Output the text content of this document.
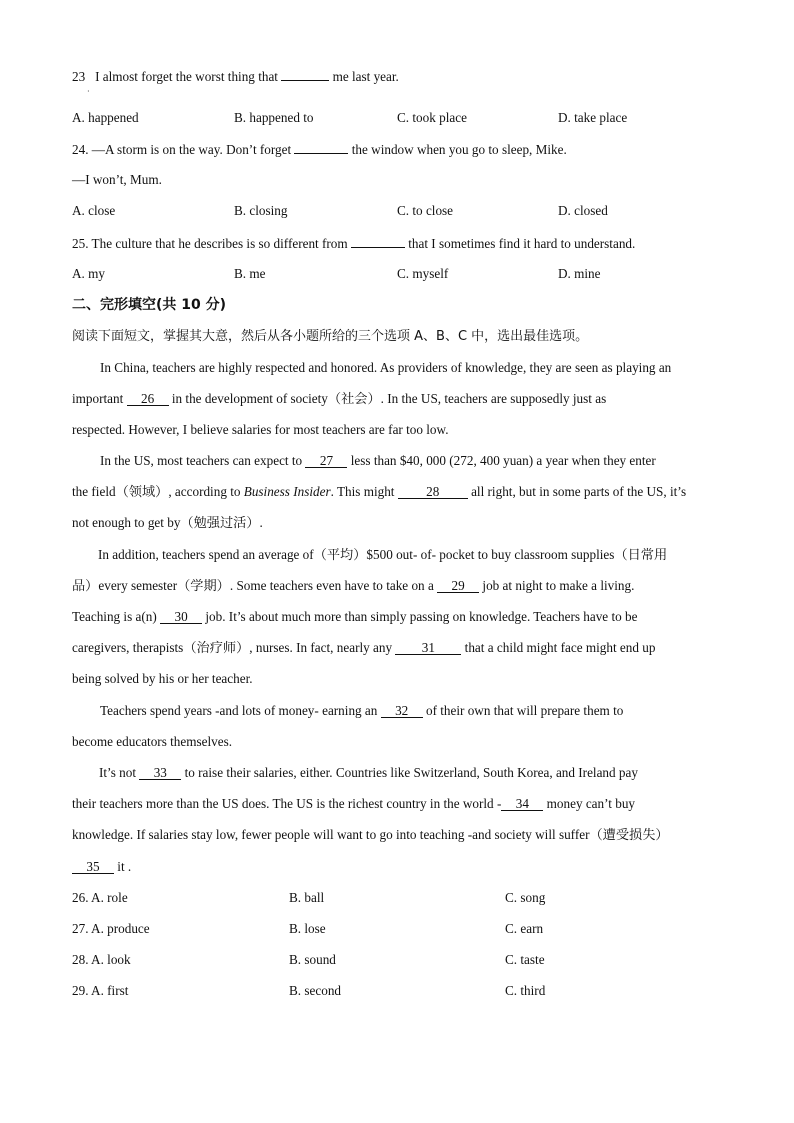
23 I almost forget the worst thing that	me last year.
·
A. happened	B. happened to	C. took place	D. take place
24. —A storm is on the way. Don’t forget	the window when you go to sleep, Mike.
—I won’t, Mum.
A. close	B. closing	C. to close	D. closed
25. The culture that he describes is so different from	that I sometimes find it hard to understand.
A. my	B. me	C. myself	D. mine
二、完形填空(共 10 分)
阅读下面短文，掌握其大意，然后从各小题所给的三个选项 A、B、C 中，选出最佳选项。
In China, teachers are highly respected and honored. As providers of knowledge, they are seen as playing an
important 26 in the development of society（社会）. In the US, teachers are supposedly just as
respected. However, I believe salaries for most teachers are far too low.
In the US, most teachers can expect to 27 less than $40, 000 (272, 400 yuan) a year when they enter
the field（领域）, according to Business Insider. This might 28 all right, but in some parts of the US, it’s
not enough to get by（勉强过活）.
In addition, teachers spend an average of（平均）$500 out- of- pocket to buy classroom supplies（日常用
品）every semester（学期）. Some teachers even have to take on a 29 job at night to make a living.
Teaching is a(n) 30 job. It’s about much more than simply passing on knowledge. Teachers have to be
caregivers, therapists（治疗师）, nurses. In fact, nearly any 31 that a child might face might end up
being solved by his or her teacher.
Teachers spend years -and lots of money- earning an 32 of their own that will prepare them to
become educators themselves.
It’s not 33 to raise their salaries, either. Countries like Switzerland, South Korea, and Ireland pay
their teachers more than the US does. The US is the richest country in the world - 34 money can’t buy
knowledge. If salaries stay low, fewer people will want to go into teaching -and society will suffer（遭受损失）
35 it .
26. A. role	B. ball	C. song
27. A. produce	B. lose	C. earn
28. A. look	B. sound	C. taste
29. A. first	B. second	C. third
